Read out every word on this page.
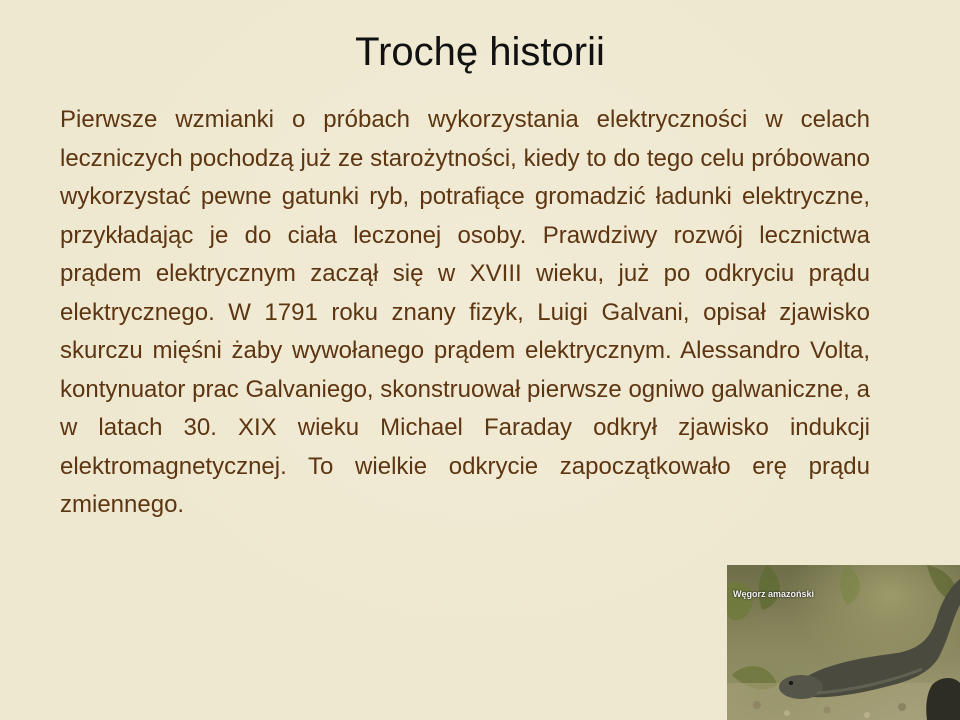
Trochę historii
Pierwsze wzmianki o próbach wykorzystania elektryczności w celach leczniczych pochodzą już ze starożytności, kiedy to do tego celu próbowano wykorzystać pewne gatunki ryb, potrafiące gromadzić ładunki elektryczne, przykładając je do ciała leczonej osoby. Prawdziwy rozwój lecznictwa prądem elektrycznym zaczął się w XVIII wieku, już po odkryciu prądu elektrycznego. W 1791 roku znany fizyk, Luigi Galvani, opisał zjawisko skurczu mięśni żaby wywołanego prądem elektrycznym. Alessandro Volta, kontynuator prac Galvaniego, skonstruował pierwsze ogniwo galwaniczne, a w latach 30. XIX wieku Michael Faraday odkrył zjawisko indukcji elektromagnetycznej. To wielkie odkrycie zapoczątkowało erę prądu zmiennego.
Węgorz amazoński
